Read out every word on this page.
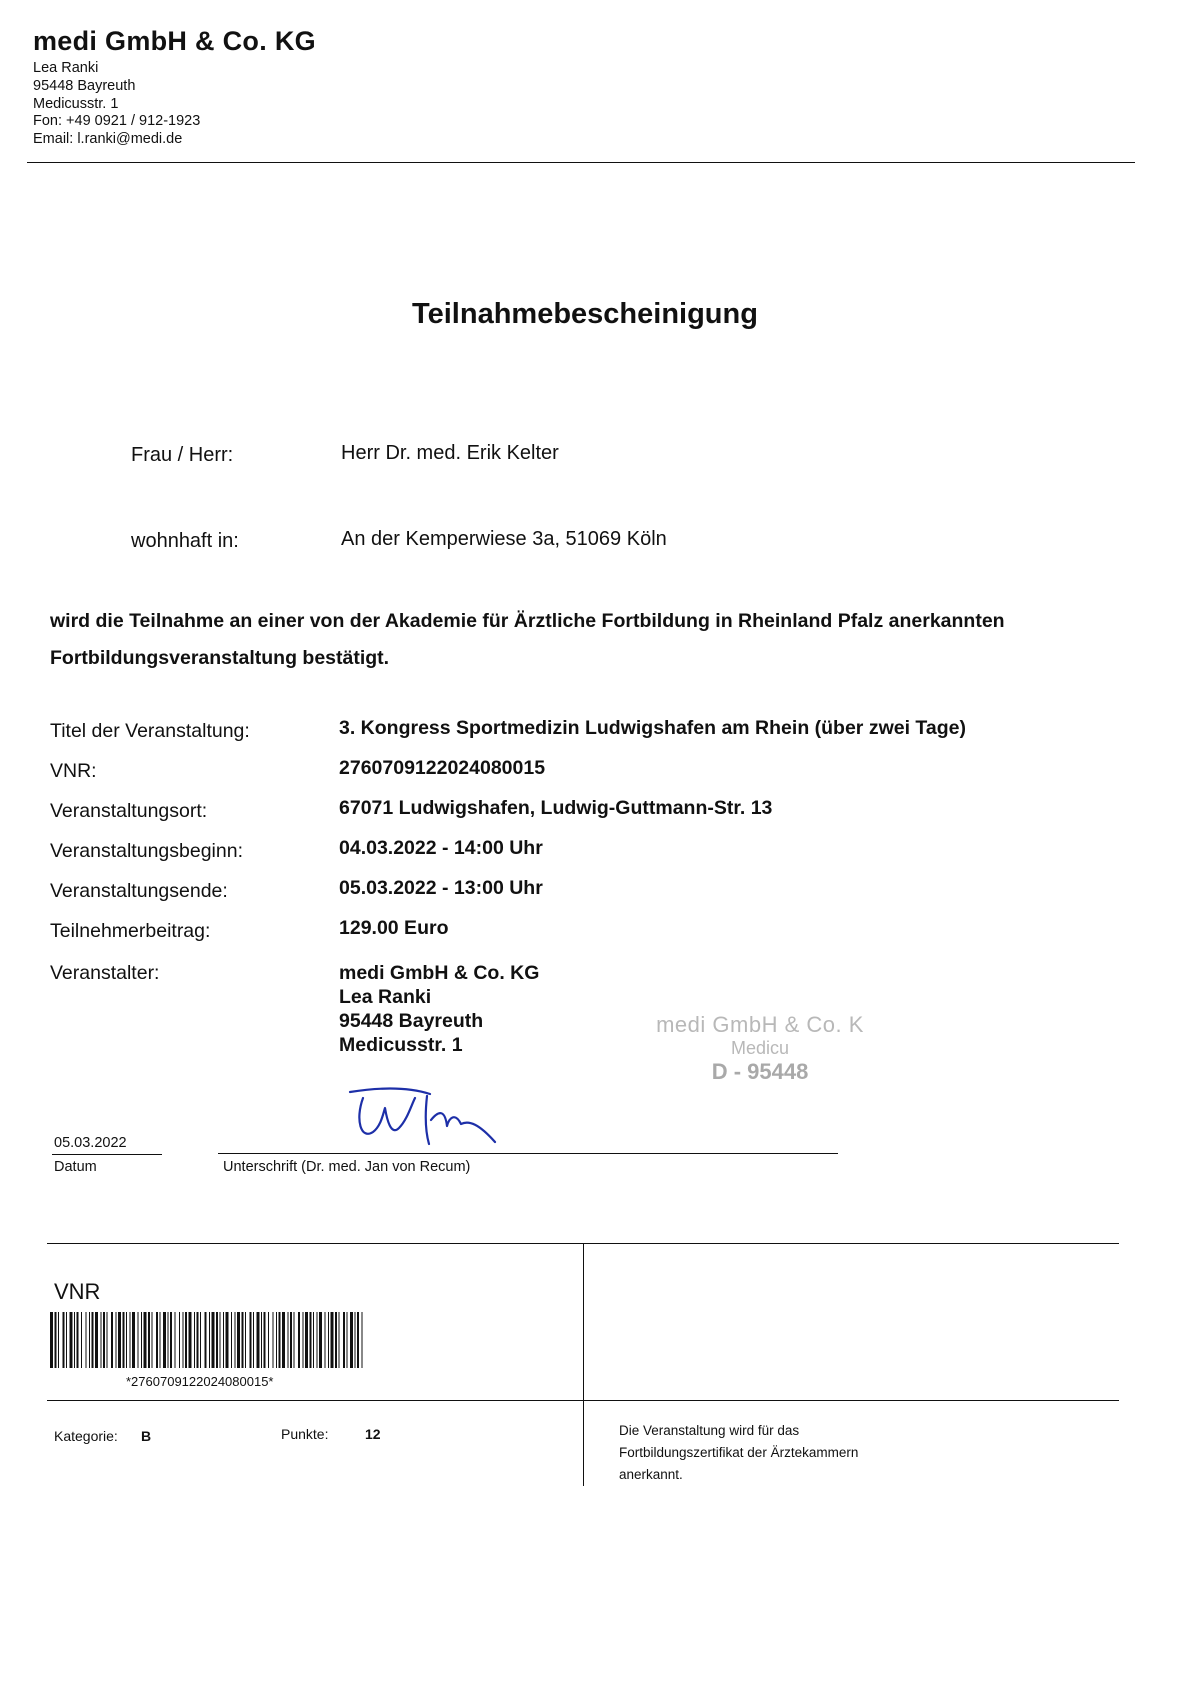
medi GmbH & Co. KG
Lea Ranki
95448 Bayreuth
Medicusstr. 1
Fon: +49 0921 / 912-1923
Email: l.ranki@medi.de
Teilnahmebescheinigung
Frau / Herr:	Herr Dr. med. Erik Kelter
wohnhaft in:	An der Kemperwiese 3a, 51069 Köln
wird die Teilnahme an einer von der Akademie für Ärztliche Fortbildung in Rheinland Pfalz anerkannten
Fortbildungsveranstaltung bestätigt.
Titel der Veranstaltung:	3. Kongress Sportmedizin Ludwigshafen am Rhein (über zwei Tage)
VNR:	2760709122024080015
Veranstaltungsort:	67071 Ludwigshafen, Ludwig-Guttmann-Str. 13
Veranstaltungsbeginn:	04.03.2022 - 14:00 Uhr
Veranstaltungsende:	05.03.2022 - 13:00 Uhr
Teilnehmerbeitrag:	129.00 Euro
Veranstalter:	medi GmbH & Co. KG
Lea Ranki
95448 Bayreuth
Medicusstr. 1
medi GmbH & Co. K
Medicu
D - 95448
05.03.2022
Datum	Unterschrift (Dr. med. Jan von Recum)
VNR
*2760709122024080015*
Kategorie: B	Punkte:	12	Die Veranstaltung wird für das
Fortbildungszertifikat der Ärztekammern
anerkannt.
